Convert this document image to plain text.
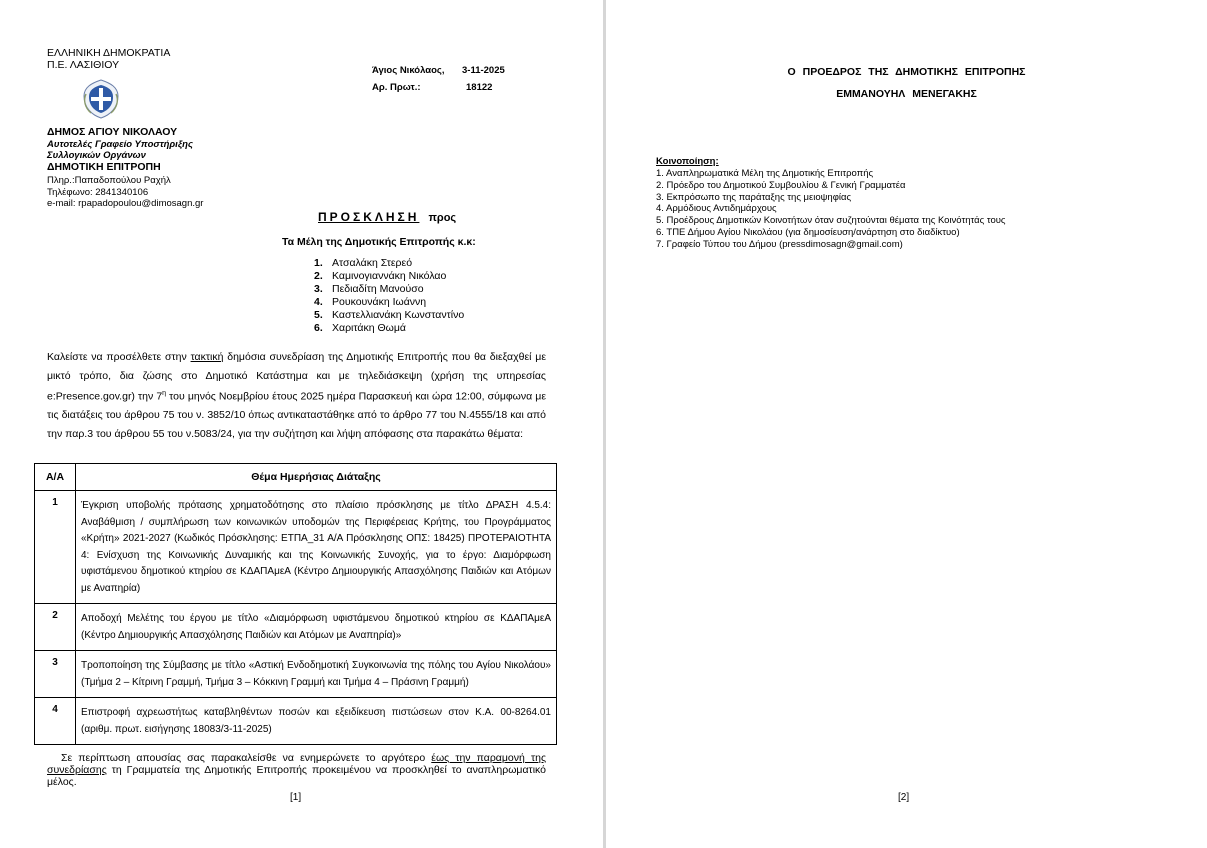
ΕΛΛΗΝΙΚΗ ΔΗΜΟΚΡΑΤΙΑ
Π.Ε. ΛΑΣΙΘΙΟΥ
ΔΗΜΟΣ ΑΓΙΟΥ ΝΙΚΟΛΑΟΥ
Αυτοτελές Γραφείο Υποστήριξης
Συλλογικών Οργάνων
ΔΗΜΟΤΙΚΗ ΕΠΙΤΡΟΠΗ
Πληρ.:Παπαδοπούλου Ραχήλ
Τηλέφωνο: 2841340106
e-mail: rpapadopoulou@dimosagn.gr
Άγιος Νικόλαος, 3-11-2025
Αρ. Πρωτ.:	18122
ΠΡΟΣΚΛΗΣΗ προς
Τα Μέλη της Δημοτικής Επιτροπής κ.κ:
1. Ατσαλάκη Στερεό
2. Καμινογιαννάκη Νικόλαο
3. Πεδιαδίτη Μανούσο
4. Ρουκουνάκη Ιωάννη
5. Καστελλιανάκη Κωνσταντίνο
6. Χαριτάκη Θωμά
Καλείστε να προσέλθετε στην τακτική δημόσια συνεδρίαση της Δημοτικής Επιτροπής που θα διεξαχθεί με μικτό τρόπο, δια ζώσης στο Δημοτικό Κατάστημα και με τηλεδιάσκεψη (χρήση της υπηρεσίας e:Presence.gov.gr) την $7^\eta$ του μηνός Νοεμβρίου έτους 2025 ημέρα Παρασκευή και ώρα 12:00, σύμφωνα με τις διατάξεις του άρθρου 75 του ν. 3852/10 όπως αντικαταστάθηκε από το άρθρο 77 του Ν.4555/18 και από την παρ.3 του άρθρου 55 του ν.5083/24, για την συζήτηση και λήψη απόφασης στα παρακάτω θέματα:
Α/Α	Θέμα Ημερήσιας Διάταξης
1	Έγκριση υποβολής πρότασης χρηματοδότησης στο πλαίσιο πρόσκλησης με τίτλο ΔΡΑΣΗ 4.5.4: Αναβάθμιση / συμπλήρωση των κοινωνικών υποδομών της Περιφέρειας Κρήτης, του Προγράμματος «Κρήτη» 2021-2027 (Κωδικός Πρόσκλησης: ΕΤΠΑ_31 Α/Α Πρόσκλησης ΟΠΣ: 18425) ΠΡΟΤΕΡΑΙΟΤΗΤΑ 4: Ενίσχυση της Κοινωνικής Δυναμικής και της Κοινωνικής Συνοχής, για το έργο: Διαμόρφωση υφιστάμενου δημοτικού κτηρίου σε ΚΔΑΠΑμεΑ (Κέντρο Δημιουργικής Απασχόλησης Παιδιών και Ατόμων με Αναπηρία)
2	Αποδοχή Μελέτης του έργου με τίτλο «Διαμόρφωση υφιστάμενου δημοτικού κτηρίου σε ΚΔΑΠΑμεΑ (Κέντρο Δημιουργικής Απασχόλησης Παιδιών και Ατόμων με Αναπηρία)»
3	Τροποποίηση της Σύμβασης με τίτλο «Αστική Ενδοδημοτική Συγκοινωνία της πόλης του Αγίου Νικολάου» (Τμήμα 2 – Κίτρινη Γραμμή, Τμήμα 3 – Κόκκινη Γραμμή και Τμήμα 4 – Πράσινη Γραμμή)
4	Επιστροφή αχρεωστήτως καταβληθέντων ποσών και εξειδίκευση πιστώσεων στον Κ.Α. 00-8264.01 (αριθμ. πρωτ. εισήγησης 18083/3-11-2025)
Σε περίπτωση απουσίας σας παρακαλείσθε να ενημερώνετε το αργότερο έως την παραμονή της συνεδρίασης τη Γραμματεία της Δημοτικής Επιτροπής προκειμένου να προσκληθεί το αναπληρωματικό μέλος.
[1]
Ο ΠΡΟΕΔΡΟΣ ΤΗΣ ΔΗΜΟΤΙΚΗΣ ΕΠΙΤΡΟΠΗΣ
ΕΜΜΑΝΟΥΗΛ ΜΕΝΕΓΑΚΗΣ
Κοινοποίηση:
1. Αναπληρωματικά Μέλη της Δημοτικής Επιτροπής
2. Πρόεδρο του Δημοτικού Συμβουλίου & Γενική Γραμματέα
3. Εκπρόσωπο της παράταξης της μειοψηφίας
4. Αρμόδιους Αντιδημάρχους
5. Προέδρους Δημοτικών Κοινοτήτων όταν συζητούνται θέματα της Κοινότητάς τους
6. ΤΠΕ Δήμου Αγίου Νικολάου (για δημοσίευση/ανάρτηση στο διαδίκτυο)
7. Γραφείο Τύπου του Δήμου (pressdimosagn@gmail.com)
[2]
